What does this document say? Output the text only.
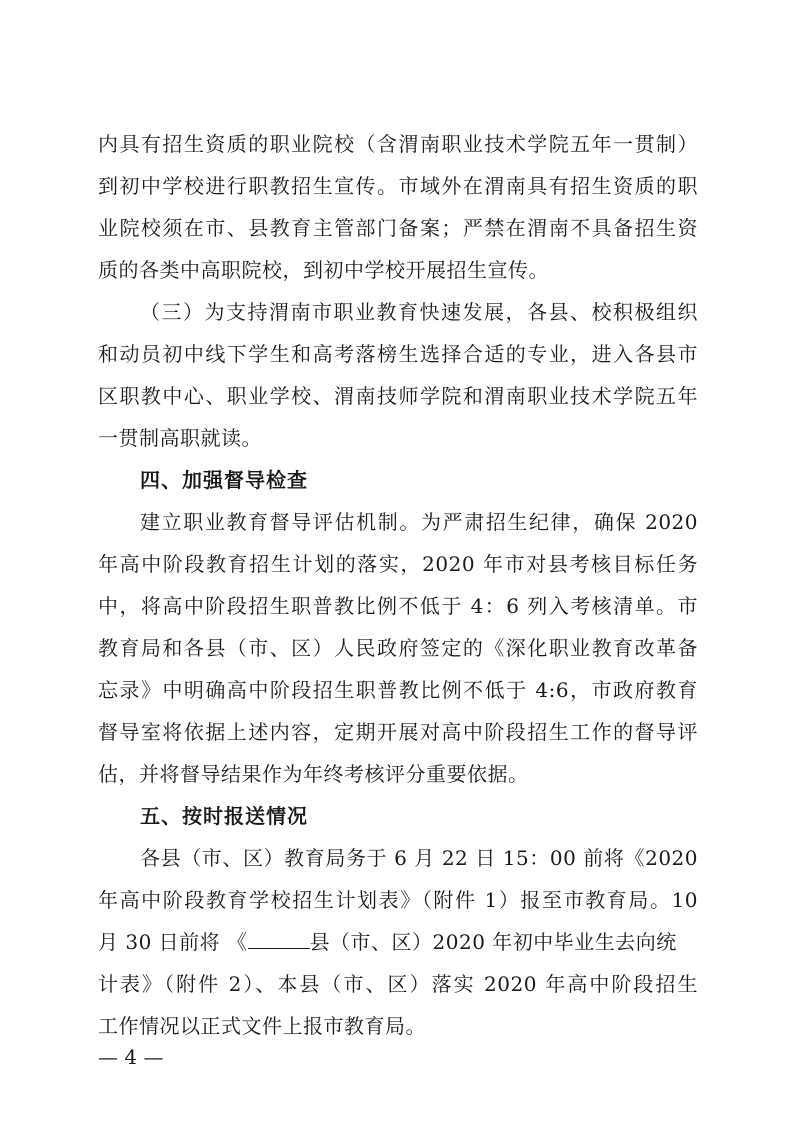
内具有招生资质的职业院校（含渭南职业技术学院五年一贯制）
到初中学校进行职教招生宣传。市域外在渭南具有招生资质的职
业院校须在市、县教育主管部门备案；严禁在渭南不具备招生资
质的各类中高职院校，到初中学校开展招生宣传。
（三）为支持渭南市职业教育快速发展，各县、校积极组织
和动员初中线下学生和高考落榜生选择合适的专业，进入各县市
区职教中心、职业学校、渭南技师学院和渭南职业技术学院五年
一贯制高职就读。
四、加强督导检查
建立职业教育督导评估机制。为严肃招生纪律，确保 2020
年高中阶段教育招生计划的落实，2020 年市对县考核目标任务
中，将高中阶段招生职普教比例不低于 4：6 列入考核清单。市
教育局和各县（市、区）人民政府签定的《深化职业教育改革备
忘录》中明确高中阶段招生职普教比例不低于 4:6，市政府教育
督导室将依据上述内容，定期开展对高中阶段招生工作的督导评
估，并将督导结果作为年终考核评分重要依据。
五、按时报送情况
各县（市、区）教育局务于 6 月 22 日 15：00 前将《2020
年高中阶段教育学校招生计划表》（附件 1）报至市教育局。10
月 30 日前将 《	县（市、区）2020 年初中毕业生去向统
计表》（附件 2）、本县（市、区）落实 2020 年高中阶段招生
工作情况以正式文件上报市教育局。
— 4 —
